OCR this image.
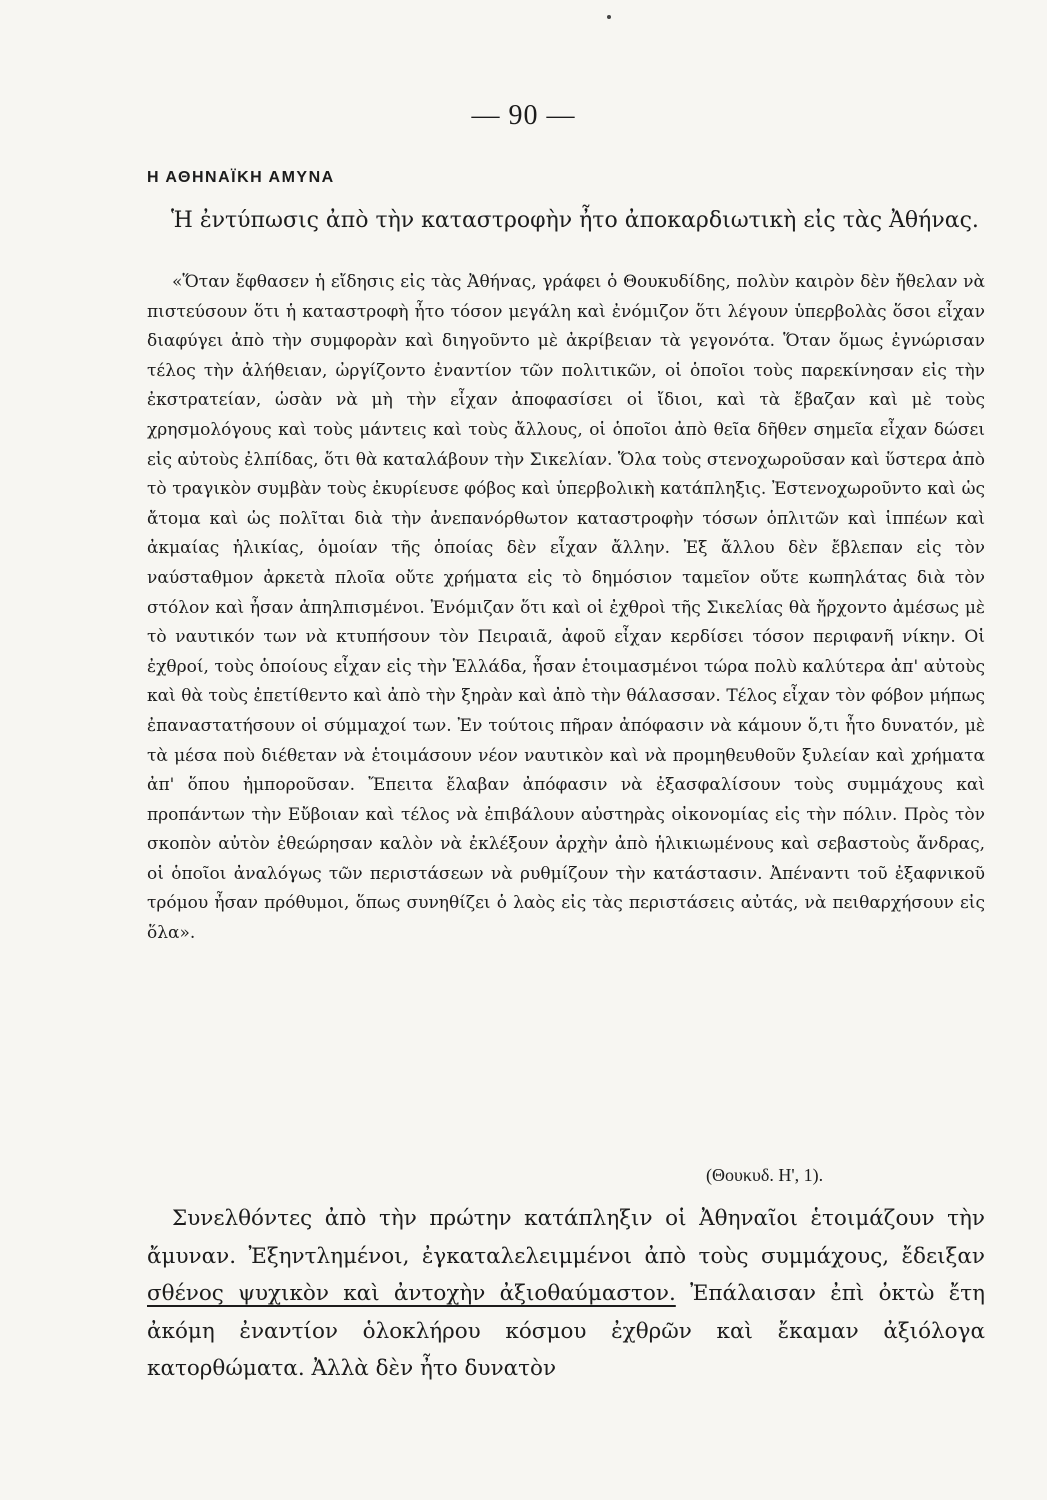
— 90 —
Η ΑΘΗΝΑΪΚΗ ΑΜΥΝΑ

Ἡ ἐντύπωσις ἀπὸ τὴν καταστροφὴν ἦτο ἀποκαρδιωτικὴ εἰς τὰς Ἀθήνας.

«Ὅταν ἔφθασεν ἡ εἴδησις εἰς τὰς Ἀθήνας, γράφει ὁ Θουκυδίδης, πολὺν καιρὸν δὲν ἤθελαν νὰ πιστεύσουν ὅτι ἡ καταστροφὴ ἦτο τόσον μεγάλη καὶ ἐνόμιζον ὅτι λέγουν ὑπερβολὰς ὅσοι εἶχαν διαφύγει ἀπὸ τὴν συμφορὰν καὶ διηγοῦντο μὲ ἀκρίβειαν τὰ γεγονότα. Ὅταν ὅμως ἐγνώρισαν τέλος τὴν ἀλήθειαν, ὠργίζοντο ἐναντίον τῶν πολιτικῶν, οἱ ὁποῖοι τοὺς παρεκίνησαν εἰς τὴν ἐκστρατείαν, ὡσὰν νὰ μὴ τὴν εἶχαν ἀποφασίσει οἱ ἴδιοι, καὶ τὰ ἔβαζαν καὶ μὲ τοὺς χρησμολόγους καὶ τοὺς μάντεις καὶ τοὺς ἄλλους, οἱ ὁποῖοι ἀπὸ θεῖα δῆθεν σημεῖα εἶχαν δώσει εἰς αὐτοὺς ἐλπίδας, ὅτι θὰ καταλάβουν τὴν Σικελίαν. Ὅλα τοὺς στενοχωροῦσαν καὶ ὕστερα ἀπὸ τὸ τραγικὸν συμβὰν τοὺς ἐκυρίευσε φόβος καὶ ὑπερβολικὴ κατάπληξις. Ἐστενοχωροῦντο καὶ ὡς ἄτομα καὶ ὡς πολῖται διὰ τὴν ἀνεπανόρθωτον καταστροφὴν τόσων ὁπλιτῶν καὶ ἱππέων καὶ ἀκμαίας ἡλικίας, ὁμοίαν τῆς ὁποίας δὲν εἶχαν ἄλλην. Ἐξ ἄλλου δὲν ἔβλεπαν εἰς τὸν ναύσταθμον ἀρκετὰ πλοῖα οὔτε χρήματα εἰς τὸ δημόσιον ταμεῖον οὔτε κωπηλάτας διὰ τὸν στόλον καὶ ἦσαν ἀπηλπισμένοι. Ἐνόμιζαν ὅτι καὶ οἱ ἐχθροὶ τῆς Σικελίας θὰ ἤρχοντο ἀμέσως μὲ τὸ ναυτικόν των νὰ κτυπήσουν τὸν Πειραιᾶ, ἀφοῦ εἶχαν κερδίσει τόσον περιφανῆ νίκην. Οἱ ἐχθροί, τοὺς ὁποίους εἶχαν εἰς τὴν Ἑλλάδα, ἦσαν ἑτοιμασμένοι τώρα πολὺ καλύτερα ἀπ' αὐτοὺς καὶ θὰ τοὺς ἐπετίθεντο καὶ ἀπὸ τὴν ξηρὰν καὶ ἀπὸ τὴν θάλασσαν. Τέλος εἶχαν τὸν φόβον μήπως ἐπαναστατήσουν οἱ σύμμαχοί των. Ἐν τούτοις πῆραν ἀπόφασιν νὰ κάμουν ὅ,τι ἦτο δυνατόν, μὲ τὰ μέσα ποὺ διέθεταν νὰ ἑτοιμάσουν νέον ναυτικὸν καὶ νὰ προμηθευθοῦν ξυλείαν καὶ χρήματα ἀπ' ὅπου ἠμποροῦσαν. Ἔπειτα ἔλαβαν ἀπόφασιν νὰ ἐξασφαλίσουν τοὺς συμμάχους καὶ προπάντων τὴν Εὔβοιαν καὶ τέλος νὰ ἐπιβάλουν αὐστηρὰς οἰκονομίας εἰς τὴν πόλιν. Πρὸς τὸν σκοπὸν αὐτὸν ἐθεώρησαν καλὸν νὰ ἐκλέξουν ἀρχὴν ἀπὸ ἡλικιωμένους καὶ σεβαστοὺς ἄνδρας, οἱ ὁποῖοι ἀναλόγως τῶν περιστάσεων νὰ ρυθμίζουν τὴν κατάστασιν. Ἀπέναντι τοῦ ἐξαφνικοῦ τρόμου ἦσαν πρόθυμοι, ὅπως συνηθίζει ὁ λαὸς εἰς τὰς περιστάσεις αὐτάς, νὰ πειθαρχήσουν εἰς ὅλα».

(Θουκυδ. Η', 1).

Συνελθόντες ἀπὸ τὴν πρώτην κατάπληξιν οἱ Ἀθηναῖοι ἑτοιμάζουν τὴν ἄμυναν. Ἐξηντλημένοι, ἐγκαταλελειμμένοι ἀπὸ τοὺς συμμάχους, ἔδειξαν σθένος ψυχικὸν καὶ ἀντοχὴν ἀξιοθαύμαστον. Ἐπάλαισαν ἐπὶ ὀκτὼ ἔτη ἀκόμη ἐναντίον ὁλοκλήρου κόσμου ἐχθρῶν καὶ ἔκαμαν ἀξιόλογα κατορθώματα. Ἀλλὰ δὲν ἦτο δυνατὸν
